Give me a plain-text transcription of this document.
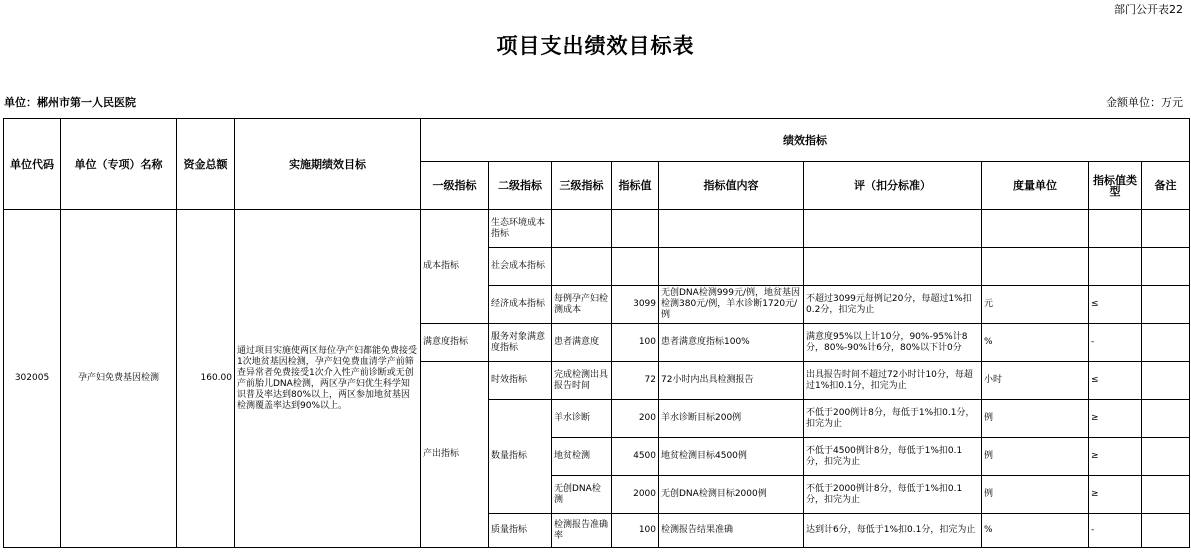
部门公开表22
项目支出绩效目标表
单位：郴州市第一人民医院	金额单位：万元
单位代码	单位（专项）名称	资金总额	实施期绩效目标	绩效指标								
				一级指标	二级指标	三级指标	指标值	指标值内容	评（扣分标准）	度量单位	指标值类型	备注
302005	孕产妇免费基因检测	160.00	通过项目实施使两区每位孕产妇都能免费接受1次地贫基因检测，孕产妇免费血清学产前筛查异常者免费接受1次介入性产前诊断或无创产前胎儿DNA检测，两区孕产妇优生科学知识普及率达到80%以上，两区参加地贫基因检测覆盖率达到90%以上。	成本指标	生态环境成本指标							
					社会成本指标							
					经济成本指标	每例孕产妇检测成本	3099	无创DNA检测999元/例，地贫基因检测380元/例，羊水诊断1720元/例	不超过3099元每例记20分，每超过1%扣0.2分，扣完为止	元	≤	
				满意度指标	服务对象满意度指标	患者满意度	100	患者满意度指标100%	满意度95%以上计10分，90%-95%计8分，80%-90%计6分，80%以下计0分	%	-	
				产出指标	时效指标	完成检测出具报告时间	72	72小时内出具检测报告	出具报告时间不超过72小时计10分，每超过1%扣0.1分，扣完为止	小时	≤	
					数量指标	羊水诊断	200	羊水诊断目标200例	不低于200例计8分，每低于1%扣0.1分，扣完为止	例	≥	
						地贫检测	4500	地贫检测目标4500例	不低于4500例计8分，每低于1%扣0.1分，扣完为止	例	≥	
						无创DNA检测	2000	无创DNA检测目标2000例	不低于2000例计8分，每低于1%扣0.1分，扣完为止	例	≥	
					质量指标	检测报告准确率	100	检测报告结果准确	达到计6分，每低于1%扣0.1分，扣完为止	%	-	
